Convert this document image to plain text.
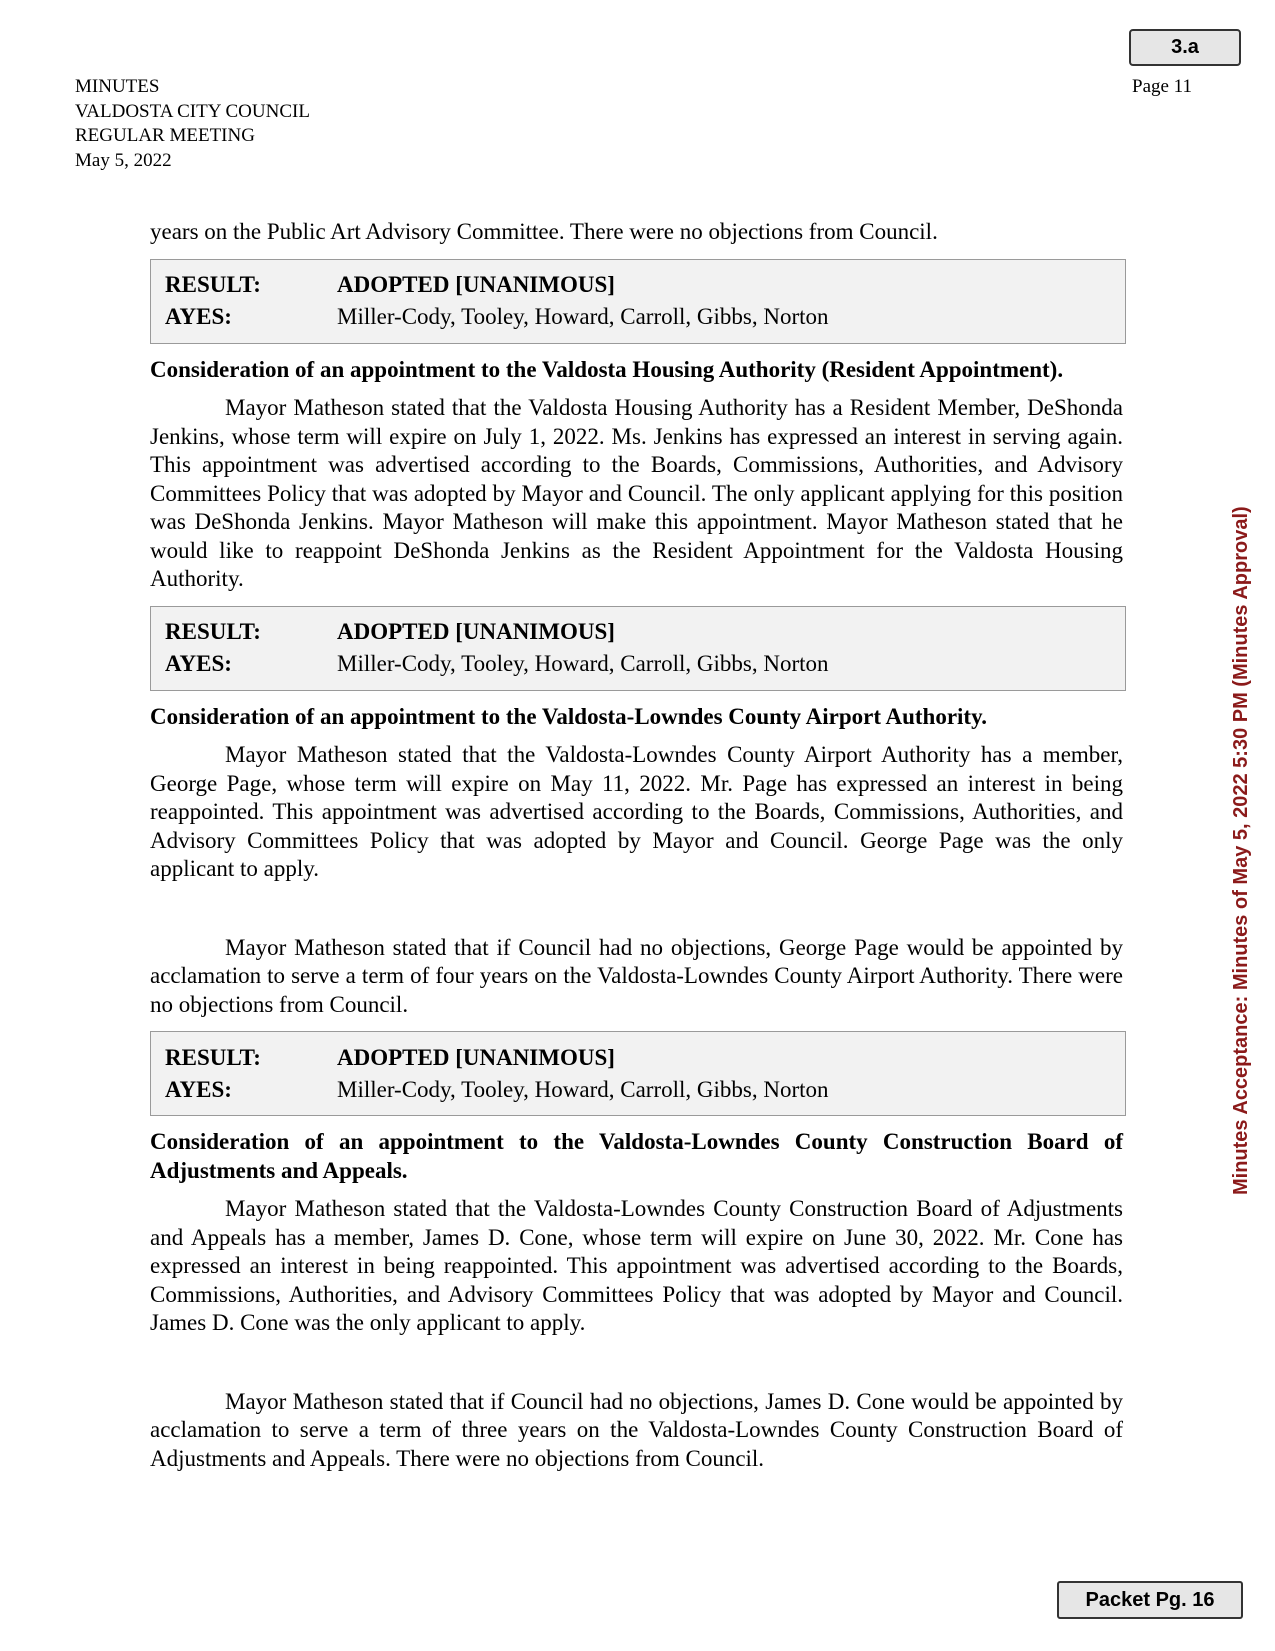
3.a
MINUTES
VALDOSTA CITY COUNCIL
REGULAR MEETING
May 5, 2022
Page 11

years on the Public Art Advisory Committee. There were no objections from Council.

RESULT:	ADOPTED [UNANIMOUS]
AYES:	Miller-Cody, Tooley, Howard, Carroll, Gibbs, Norton

Consideration of an appointment to the Valdosta Housing Authority (Resident Appointment).

Mayor Matheson stated that the Valdosta Housing Authority has a Resident Member, DeShonda Jenkins, whose term will expire on July 1, 2022. Ms. Jenkins has expressed an interest in serving again. This appointment was advertised according to the Boards, Commissions, Authorities, and Advisory Committees Policy that was adopted by Mayor and Council. The only applicant applying for this position was DeShonda Jenkins. Mayor Matheson will make this appointment. Mayor Matheson stated that he would like to reappoint DeShonda Jenkins as the Resident Appointment for the Valdosta Housing Authority.

RESULT:	ADOPTED [UNANIMOUS]
AYES:	Miller-Cody, Tooley, Howard, Carroll, Gibbs, Norton

Consideration of an appointment to the Valdosta-Lowndes County Airport Authority.

Mayor Matheson stated that the Valdosta-Lowndes County Airport Authority has a member, George Page, whose term will expire on May 11, 2022. Mr. Page has expressed an interest in being reappointed. This appointment was advertised according to the Boards, Commissions, Authorities, and Advisory Committees Policy that was adopted by Mayor and Council. George Page was the only applicant to apply.

Mayor Matheson stated that if Council had no objections, George Page would be appointed by acclamation to serve a term of four years on the Valdosta-Lowndes County Airport Authority. There were no objections from Council.

RESULT:	ADOPTED [UNANIMOUS]
AYES:	Miller-Cody, Tooley, Howard, Carroll, Gibbs, Norton

Consideration of an appointment to the Valdosta-Lowndes County Construction Board of Adjustments and Appeals.

Mayor Matheson stated that the Valdosta-Lowndes County Construction Board of Adjustments and Appeals has a member, James D. Cone, whose term will expire on June 30, 2022. Mr. Cone has expressed an interest in being reappointed. This appointment was advertised according to the Boards, Commissions, Authorities, and Advisory Committees Policy that was adopted by Mayor and Council. James D. Cone was the only applicant to apply.

Mayor Matheson stated that if Council had no objections, James D. Cone would be appointed by acclamation to serve a term of three years on the Valdosta-Lowndes County Construction Board of Adjustments and Appeals. There were no objections from Council.

Minutes Acceptance: Minutes of May 5, 2022 5:30 PM (Minutes Approval)
Packet Pg. 16
